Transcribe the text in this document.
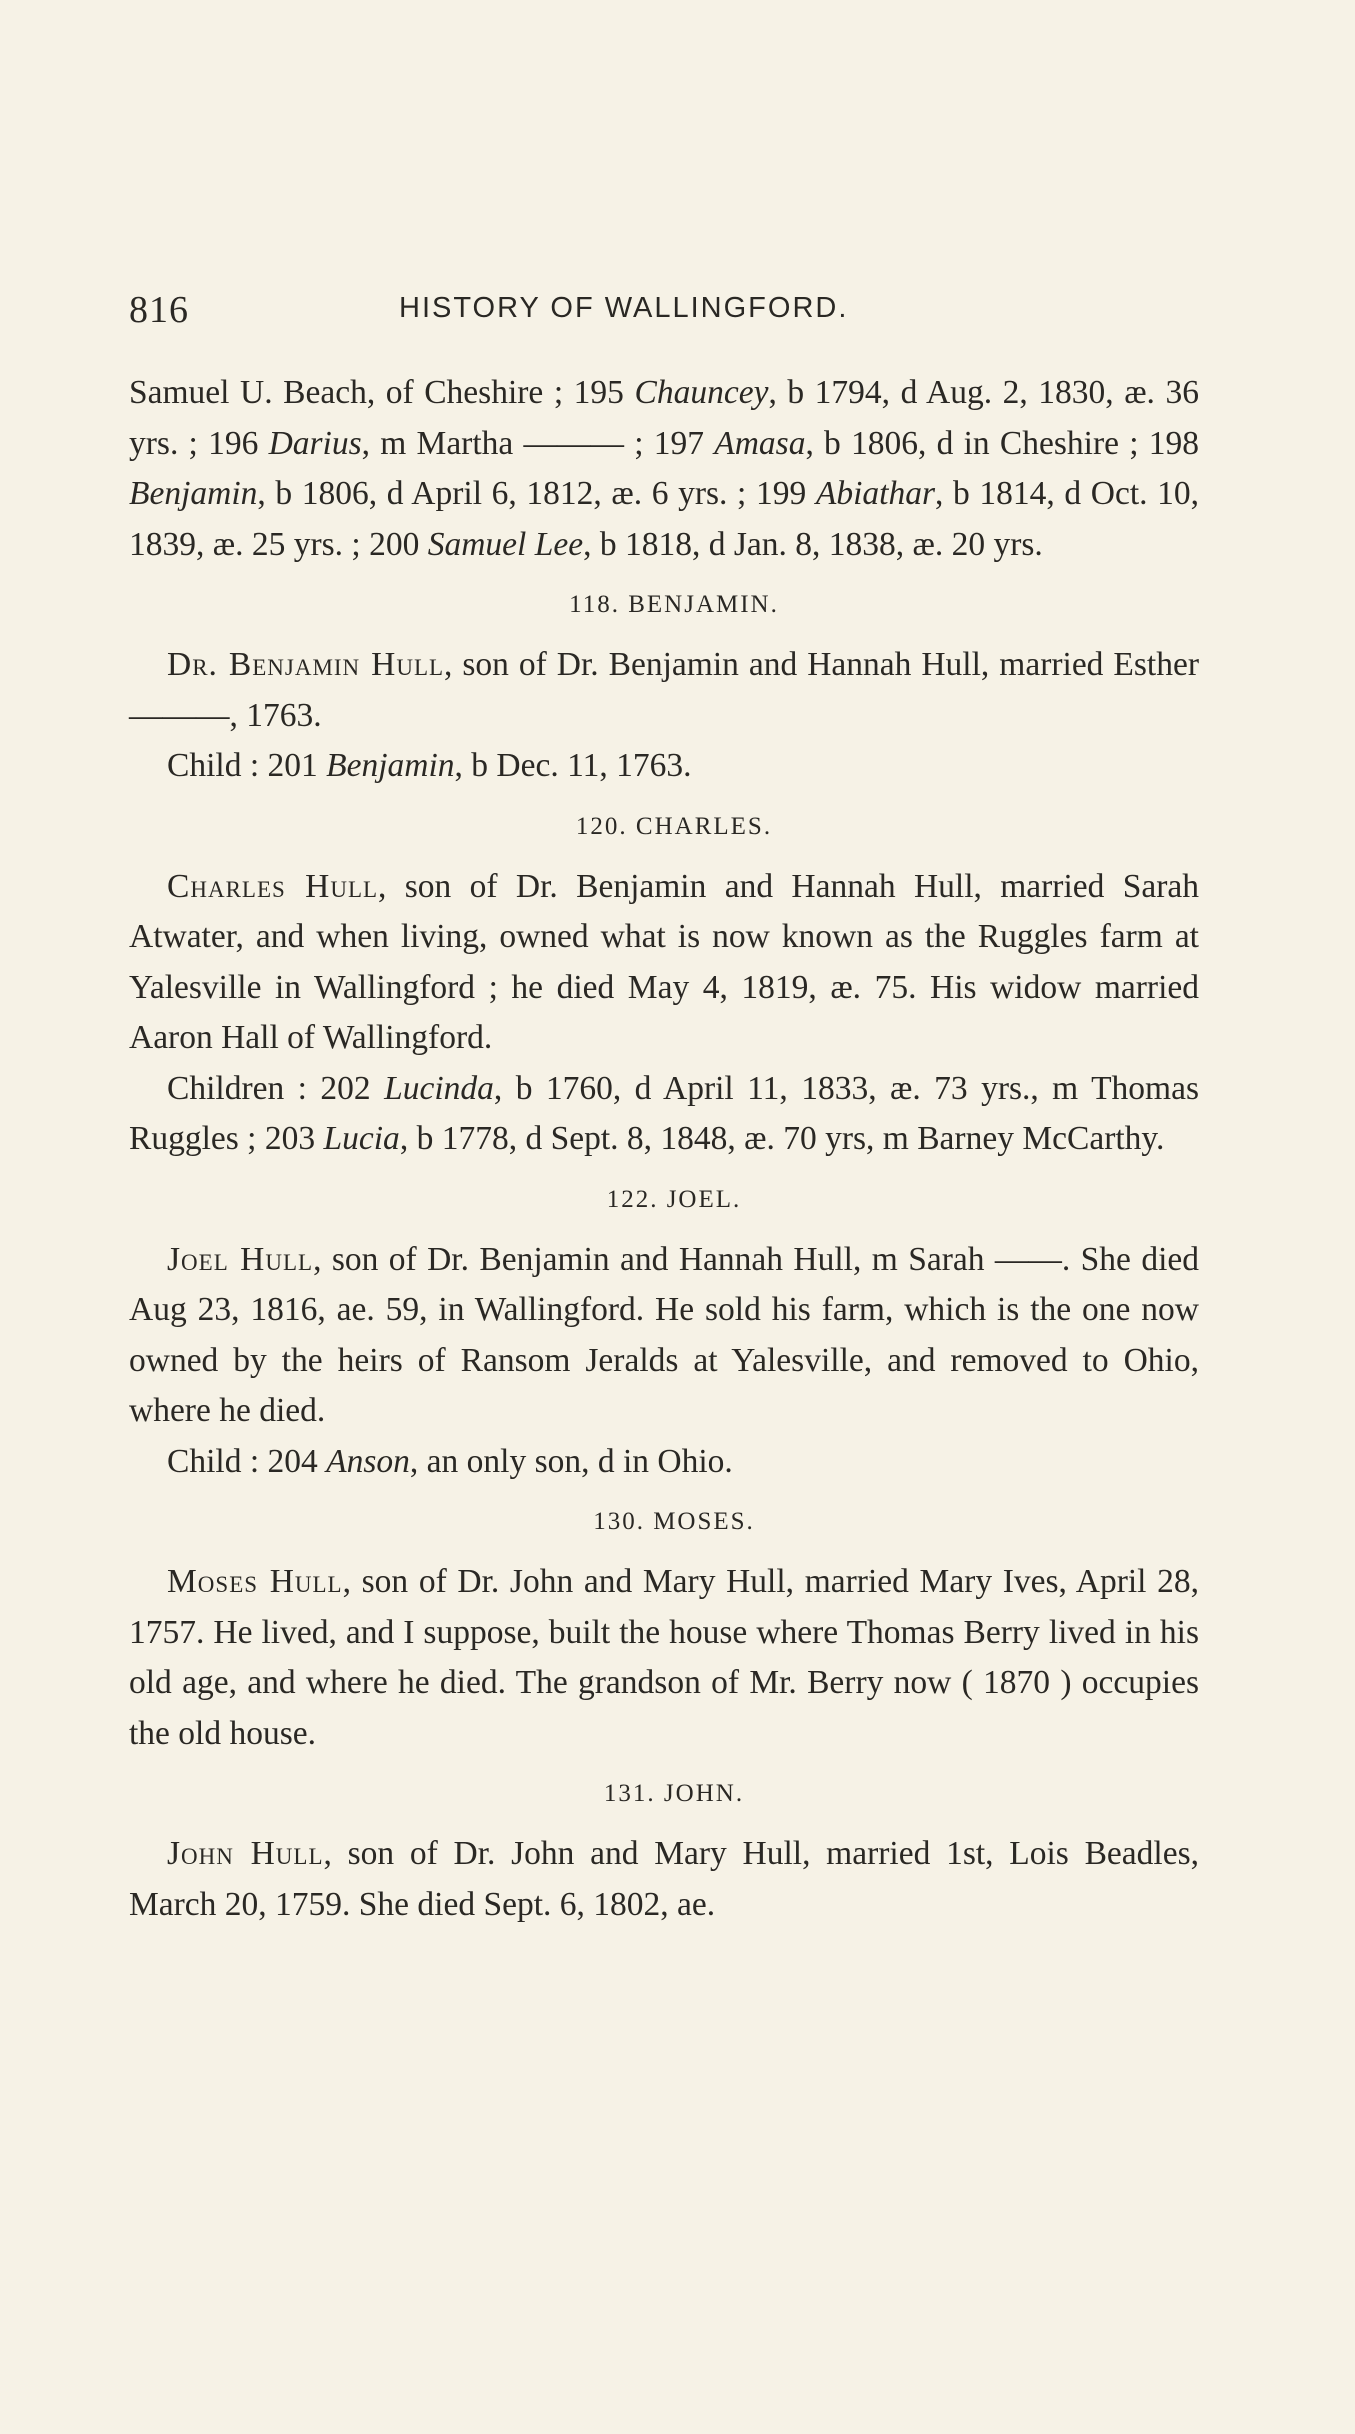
816	HISTORY OF WALLINGFORD.

Samuel U. Beach, of Cheshire ; 195 Chauncey, b 1794, d Aug. 2, 1830, æ. 36 yrs. ; 196 Darius, m Martha ——— ; 197 Amasa, b 1806, d in Cheshire ; 198 Benjamin, b 1806, d April 6, 1812, æ. 6 yrs. ; 199 Abiathar, b 1814, d Oct. 10, 1839, æ. 25 yrs. ; 200 Samuel Lee, b 1818, d Jan. 8, 1838, æ. 20 yrs.

118. BENJAMIN.

Dr. Benjamin Hull, son of Dr. Benjamin and Hannah Hull, married Esther ———, 1763.

Child : 201 Benjamin, b Dec. 11, 1763.

120. CHARLES.

Charles Hull, son of Dr. Benjamin and Hannah Hull, married Sarah Atwater, and when living, owned what is now known as the Ruggles farm at Yalesville in Wallingford ; he died May 4, 1819, æ. 75. His widow married Aaron Hall of Wallingford.

Children : 202 Lucinda, b 1760, d April 11, 1833, æ. 73 yrs., m Thomas Ruggles ; 203 Lucia, b 1778, d Sept. 8, 1848, æ. 70 yrs, m Barney McCarthy.

122. JOEL.

Joel Hull, son of Dr. Benjamin and Hannah Hull, m Sarah ——. She died Aug 23, 1816, ae. 59, in Wallingford. He sold his farm, which is the one now owned by the heirs of Ransom Jeralds at Yalesville, and removed to Ohio, where he died.

Child : 204 Anson, an only son, d in Ohio.

130. MOSES.

Moses Hull, son of Dr. John and Mary Hull, married Mary Ives, April 28, 1757. He lived, and I suppose, built the house where Thomas Berry lived in his old age, and where he died. The grandson of Mr. Berry now ( 1870 ) occupies the old house.

131. JOHN.

John Hull, son of Dr. John and Mary Hull, married 1st, Lois Beadles, March 20, 1759. She died Sept. 6, 1802, ae.
